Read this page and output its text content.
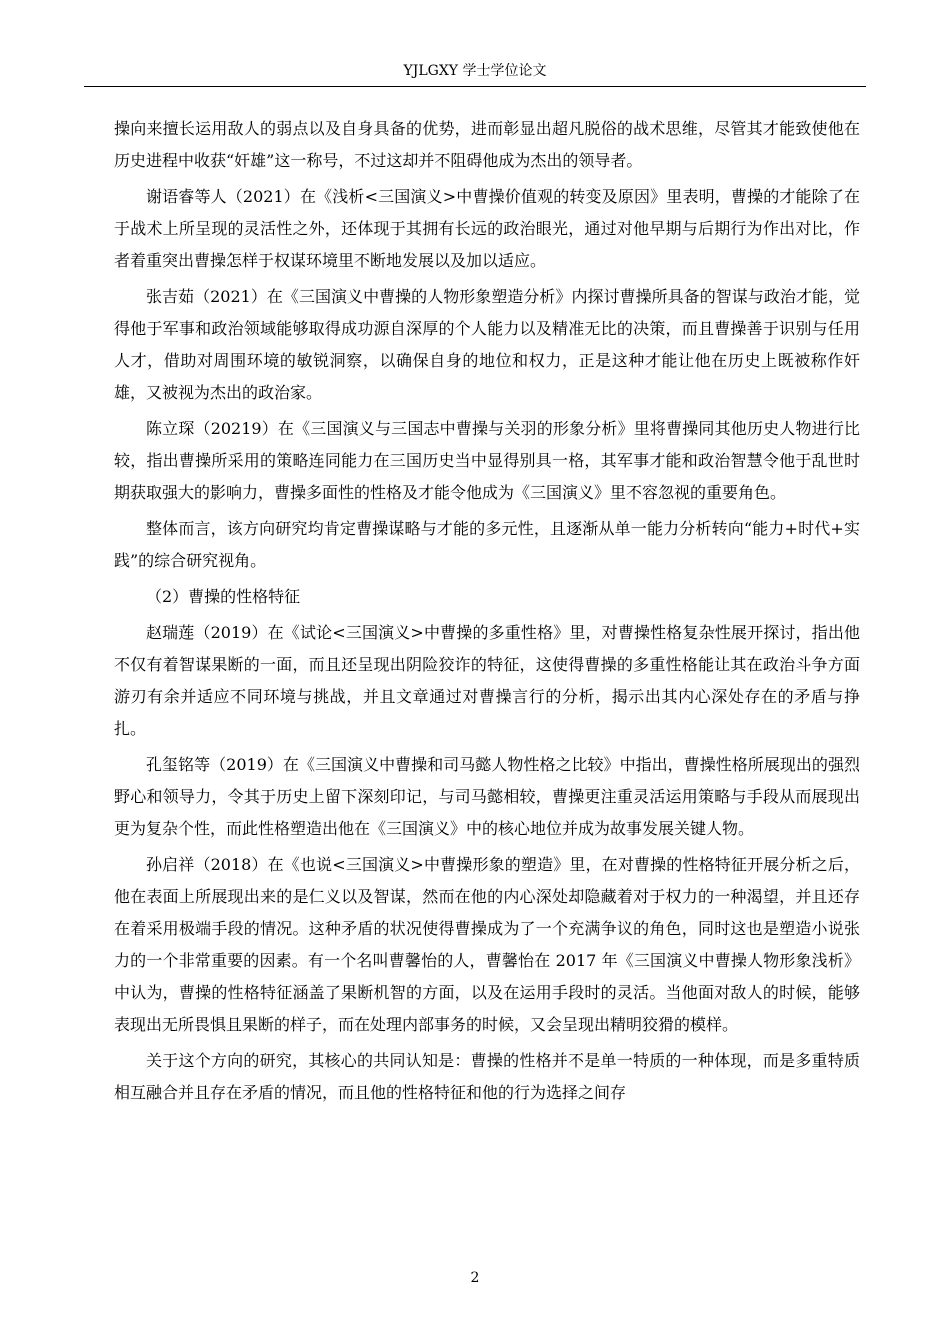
YJLGXY 学士学位论文

操向来擅长运用敌人的弱点以及自身具备的优势，进而彰显出超凡脱俗的战术思维，尽管其才能致使他在历史进程中收获“奸雄”这一称号，不过这却并不阻碍他成为杰出的领导者。

谢语睿等人（2021）在《浅析<三国演义>中曹操价值观的转变及原因》里表明，曹操的才能除了在于战术上所呈现的灵活性之外，还体现于其拥有长远的政治眼光，通过对他早期与后期行为作出对比，作者着重突出曹操怎样于权谋环境里不断地发展以及加以适应。

张吉茹（2021）在《三国演义中曹操的人物形象塑造分析》内探讨曹操所具备的智谋与政治才能，觉得他于军事和政治领域能够取得成功源自深厚的个人能力以及精准无比的决策，而且曹操善于识别与任用人才，借助对周围环境的敏锐洞察，以确保自身的地位和权力，正是这种才能让他在历史上既被称作奸雄，又被视为杰出的政治家。

陈立琛（20219）在《三国演义与三国志中曹操与关羽的形象分析》里将曹操同其他历史人物进行比较，指出曹操所采用的策略连同能力在三国历史当中显得别具一格，其军事才能和政治智慧令他于乱世时期获取强大的影响力，曹操多面性的性格及才能令他成为《三国演义》里不容忽视的重要角色。

整体而言，该方向研究均肯定曹操谋略与才能的多元性，且逐渐从单一能力分析转向“能力+时代+实践”的综合研究视角。

（2）曹操的性格特征

赵瑞莲（2019）在《试论<三国演义>中曹操的多重性格》里，对曹操性格复杂性展开探讨，指出他不仅有着智谋果断的一面，而且还呈现出阴险狡诈的特征，这使得曹操的多重性格能让其在政治斗争方面游刃有余并适应不同环境与挑战，并且文章通过对曹操言行的分析，揭示出其内心深处存在的矛盾与挣扎。

孔玺铭等（2019）在《三国演义中曹操和司马懿人物性格之比较》中指出，曹操性格所展现出的强烈野心和领导力，令其于历史上留下深刻印记，与司马懿相较，曹操更注重灵活运用策略与手段从而展现出更为复杂个性，而此性格塑造出他在《三国演义》中的核心地位并成为故事发展关键人物。

孙启祥（2018）在《也说<三国演义>中曹操形象的塑造》里，在对曹操的性格特征开展分析之后，他在表面上所展现出来的是仁义以及智谋，然而在他的内心深处却隐藏着对于权力的一种渴望，并且还存在着采用极端手段的情况。这种矛盾的状况使得曹操成为了一个充满争议的角色，同时这也是塑造小说张力的一个非常重要的因素。有一个名叫曹馨怡的人，曹馨怡在 2017 年《三国演义中曹操人物形象浅析》中认为，曹操的性格特征涵盖了果断机智的方面，以及在运用手段时的灵活。当他面对敌人的时候，能够表现出无所畏惧且果断的样子，而在处理内部事务的时候，又会呈现出精明狡猾的模样。

关于这个方向的研究，其核心的共同认知是：曹操的性格并不是单一特质的一种体现，而是多重特质相互融合并且存在矛盾的情况，而且他的性格特征和他的行为选择之间存

2
